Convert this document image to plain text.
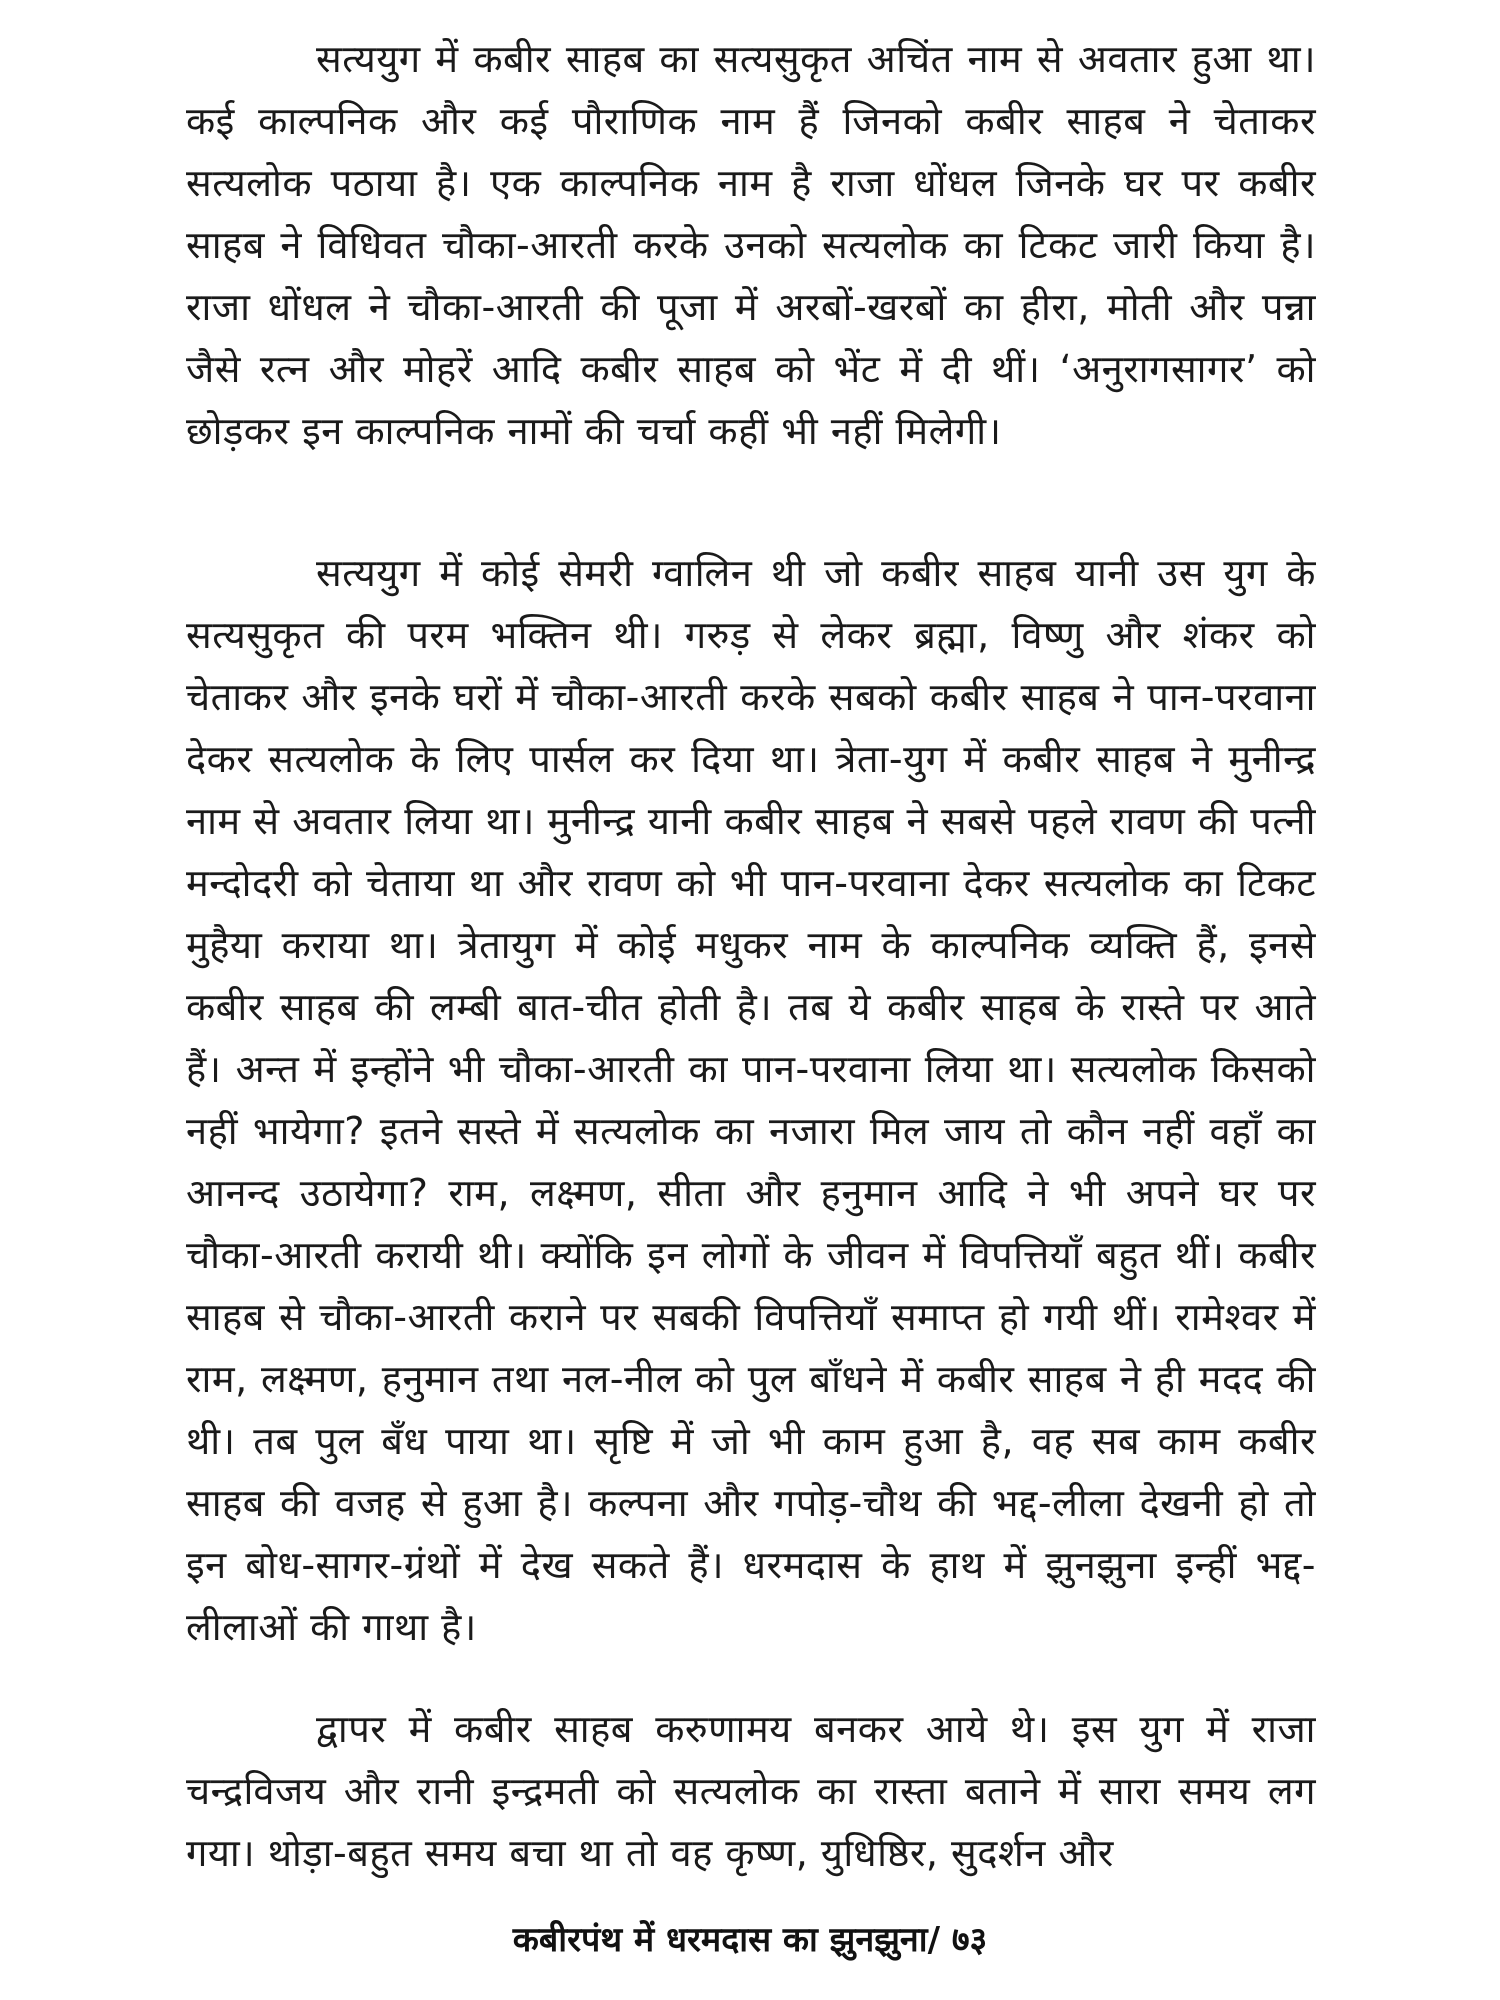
सत्ययुग में कबीर साहब का सत्यसुकृत अचिंत नाम से अवतार हुआ था। कई काल्पनिक और कई पौराणिक नाम हैं जिनको कबीर साहब ने चेताकर सत्यलोक पठाया है। एक काल्पनिक नाम है राजा धोंधल जिनके घर पर कबीर साहब ने विधिवत चौका-आरती करके उनको सत्यलोक का टिकट जारी किया है। राजा धोंधल ने चौका-आरती की पूजा में अरबों-खरबों का हीरा, मोती और पन्ना जैसे रत्न और मोहरें आदि कबीर साहब को भेंट में दी थीं। ‘अनुरागसागर’ को छोड़कर इन काल्पनिक नामों की चर्चा कहीं भी नहीं मिलेगी।

सत्ययुग में कोई सेमरी ग्वालिन थी जो कबीर साहब यानी उस युग के सत्यसुकृत की परम भक्तिन थी। गरुड़ से लेकर ब्रह्मा, विष्णु और शंकर को चेताकर और इनके घरों में चौका-आरती करके सबको कबीर साहब ने पान-परवाना देकर सत्यलोक के लिए पार्सल कर दिया था। त्रेता-युग में कबीर साहब ने मुनीन्द्र नाम से अवतार लिया था। मुनीन्द्र यानी कबीर साहब ने सबसे पहले रावण की पत्नी मन्दोदरी को चेताया था और रावण को भी पान-परवाना देकर सत्यलोक का टिकट मुहैया कराया था। त्रेतायुग में कोई मधुकर नाम के काल्पनिक व्यक्ति हैं, इनसे कबीर साहब की लम्बी बात-चीत होती है। तब ये कबीर साहब के रास्ते पर आते हैं। अन्त में इन्होंने भी चौका-आरती का पान-परवाना लिया था। सत्यलोक किसको नहीं भायेगा? इतने सस्ते में सत्यलोक का नजारा मिल जाय तो कौन नहीं वहाँ का आनन्द उठायेगा? राम, लक्ष्मण, सीता और हनुमान आदि ने भी अपने घर पर चौका-आरती करायी थी। क्योंकि इन लोगों के जीवन में विपत्तियाँ बहुत थीं। कबीर साहब से चौका-आरती कराने पर सबकी विपत्तियाँ समाप्त हो गयी थीं। रामेश्वर में राम, लक्ष्मण, हनुमान तथा नल-नील को पुल बाँधने में कबीर साहब ने ही मदद की थी। तब पुल बँध पाया था। सृष्टि में जो भी काम हुआ है, वह सब काम कबीर साहब की वजह से हुआ है। कल्पना और गपोड़-चौथ की भद्द-लीला देखनी हो तो इन बोध-सागर-ग्रंथों में देख सकते हैं। धरमदास के हाथ में झुनझुना इन्हीं भद्द-लीलाओं की गाथा है।

द्वापर में कबीर साहब करुणामय बनकर आये थे। इस युग में राजा चन्द्रविजय और रानी इन्द्रमती को सत्यलोक का रास्ता बताने में सारा समय लग गया। थोड़ा-बहुत समय बचा था तो वह कृष्ण, युधिष्ठिर, सुदर्शन और

कबीरपंथ में धरमदास का झुनझुना/ ७३
